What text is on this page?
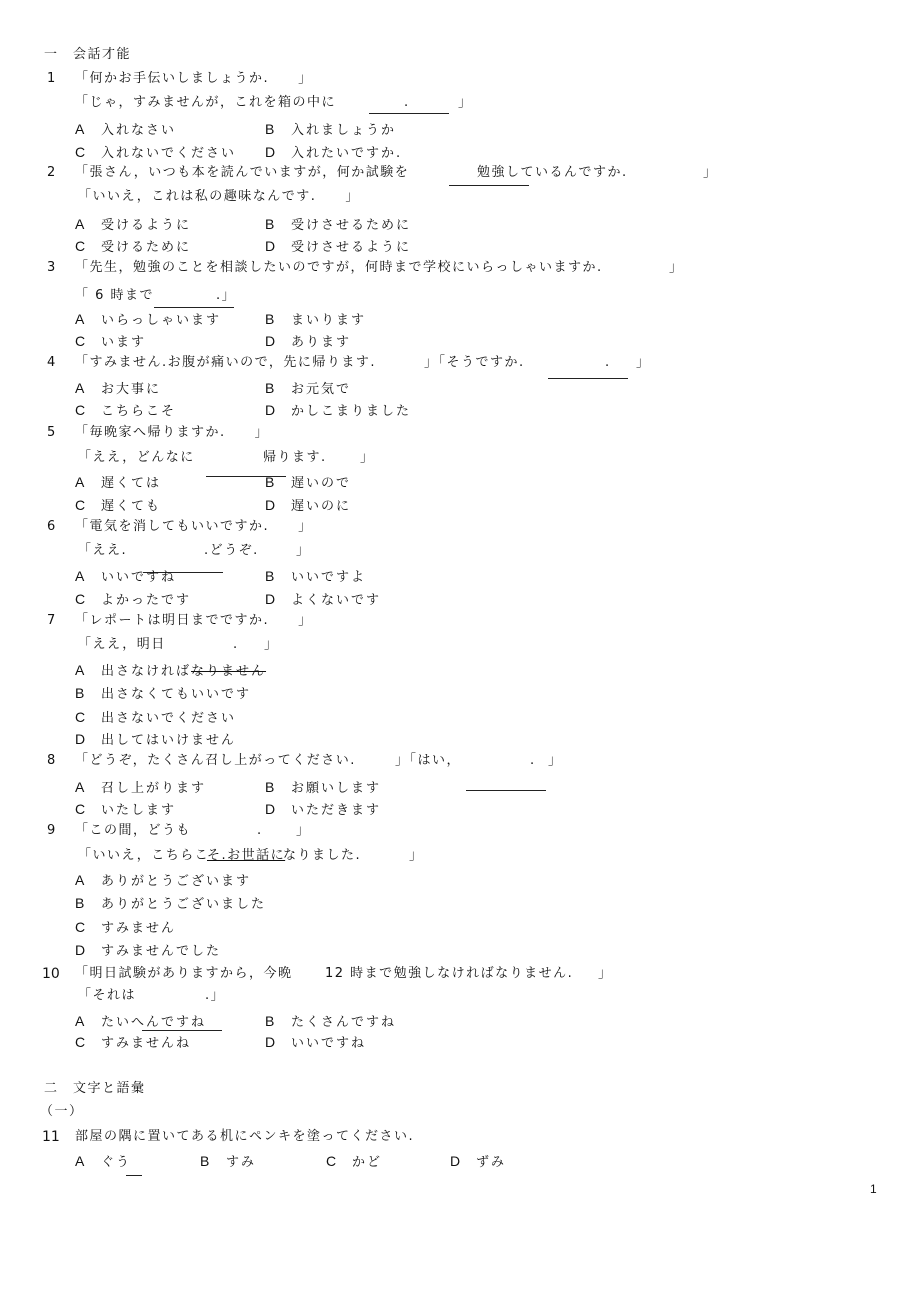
一　会話才能
1 「何かお手伝いしましょうか.　　」
「じゃ，すみませんが，これを箱の中に	.	」
A 入れなさい	B 入れましょうか
C 入れないでください D 入れたいですか.
2 「張さん，いつも本を読んでいますが，何か試験を	勉強しているんですか.	」
「いいえ，これは私の趣味なんです.　　」
A 受けるように	B 受けさせるために
C 受けるために	D 受けさせるように
3 「先生，勉強のことを相談したいのですが，何時まで学校にいらっしゃいますか.	」
「 6 時まで	.」
A いらっしゃいます	B まいります
C います	D あります
4 「すみません.お腹が痛いので，先に帰ります.	」「そうですか.	. 」
A お大事に	B お元気で
C こちらこそ	D かしこまりました
5 「毎晩家へ帰りますか.　　」
「ええ，どんなに	帰ります.	」
A 遅くては	B 遅いので
C 遅くても	D 遅いのに
6 「電気を消してもいいですか.　　」
「ええ.	.どうぞ.	」
A いいですね	B いいですよ
C よかったです	D よくないです
7 「レポートは明日までですか.　　」
「ええ，明日	. 」
A 出さなければなりません
B 出さなくてもいいです
C 出さないでください
D 出してはいけません
8 「どうぞ，たくさん召し上がってください.	」「はい，	. 」
A 召し上がります	B お願いします
C いたします	D いただきます
9 「この間，どうも	.	」
「いいえ，こちらこ
そ.お世話に
なりました.	」
A ありがとうございます
B ありがとうございました
C すみません
D すみませんでした
10 「明日試験がありますから，今晩 12 時まで勉強しなければなりません. 」
「それは	.」
A たいへんですね	B たくさんですね
C すみませんね	D いいですね
二　文字と語彙
（一）
11 部屋の隅に置いてある机にペンキを塗ってください.
A ぐう	B すみ	C かど	D ずみ
1
